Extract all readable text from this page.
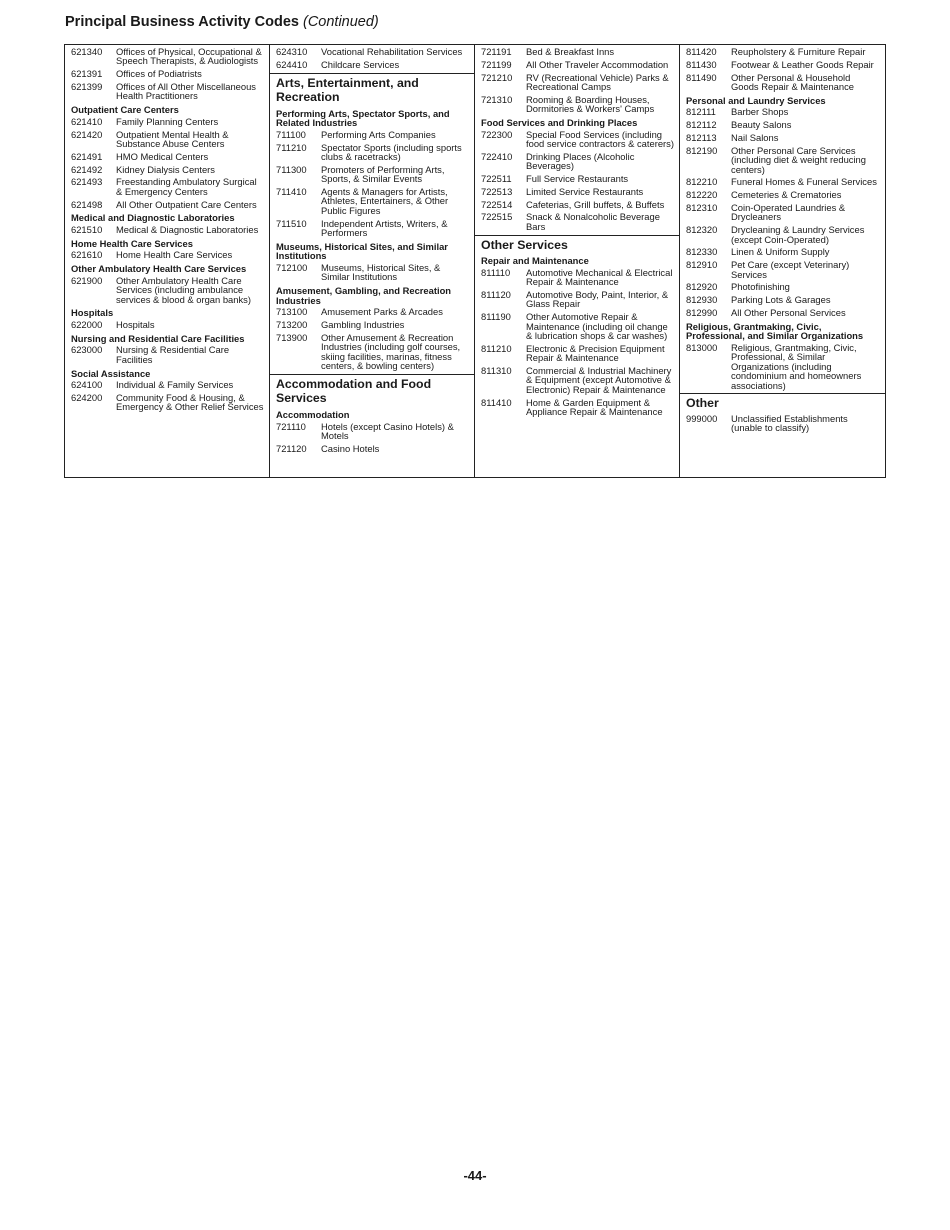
Principal Business Activity Codes (Continued)
621340	Offices of Physical, Occupational & Speech Therapists, & Audiologists
621391	Offices of Podiatrists
621399	Offices of All Other Miscellaneous Health Practitioners
Outpatient Care Centers
621410	Family Planning Centers
621420	Outpatient Mental Health & Substance Abuse Centers
621491	HMO Medical Centers
621492	Kidney Dialysis Centers
621493	Freestanding Ambulatory Surgical & Emergency Centers
621498	All Other Outpatient Care Centers
Medical and Diagnostic Laboratories
621510	Medical & Diagnostic Laboratories
Home Health Care Services
621610	Home Health Care Services
Other Ambulatory Health Care Services
621900	Other Ambulatory Health Care Services (including ambulance services & blood & organ banks)
Hospitals
622000	Hospitals
Nursing and Residential Care Facilities
623000	Nursing & Residential Care Facilities
Social Assistance
624100	Individual & Family Services
624200	Community Food & Housing, & Emergency & Other Relief Services
624310	Vocational Rehabilitation Services
624410	Childcare Services
Arts, Entertainment, and Recreation
Performing Arts, Spectator Sports, and Related Industries
711100	Performing Arts Companies
711210	Spectator Sports (including sports clubs & racetracks)
711300	Promoters of Performing Arts, Sports, & Similar Events
711410	Agents & Managers for Artists, Athletes, Entertainers, & Other Public Figures
711510	Independent Artists, Writers, & Performers
Museums, Historical Sites, and Similar Institutions
712100	Museums, Historical Sites, & Similar Institutions
Amusement, Gambling, and Recreation Industries
713100	Amusement Parks & Arcades
713200	Gambling Industries
713900	Other Amusement & Recreation Industries (including golf courses, skiing facilities, marinas, fitness centers, & bowling centers)
Accommodation and Food Services
Accommodation
721110	Hotels (except Casino Hotels) & Motels
721120	Casino Hotels
721191	Bed & Breakfast Inns
721199	All Other Traveler Accommodation
721210	RV (Recreational Vehicle) Parks & Recreational Camps
721310	Rooming & Boarding Houses, Dormitories & Workers' Camps
Food Services and Drinking Places
722300	Special Food Services (including food service contractors & caterers)
722410	Drinking Places (Alcoholic Beverages)
722511	Full Service Restaurants
722513	Limited Service Restaurants
722514	Cafeterias, Grill buffets, & Buffets
722515	Snack & Nonalcoholic Beverage Bars
Other Services
Repair and Maintenance
811110	Automotive Mechanical & Electrical Repair & Maintenance
811120	Automotive Body, Paint, Interior, & Glass Repair
811190	Other Automotive Repair & Maintenance (including oil change & lubrication shops & car washes)
811210	Electronic & Precision Equipment Repair & Maintenance
811310	Commercial & Industrial Machinery & Equipment (except Automotive & Electronic) Repair & Maintenance
811410	Home & Garden Equipment & Appliance Repair & Maintenance
811420	Reupholstery & Furniture Repair
811430	Footwear & Leather Goods Repair
811490	Other Personal & Household Goods Repair & Maintenance
Personal and Laundry Services
812111	Barber Shops
812112	Beauty Salons
812113	Nail Salons
812190	Other Personal Care Services (including diet & weight reducing centers)
812210	Funeral Homes & Funeral Services
812220	Cemeteries & Crematories
812310	Coin-Operated Laundries & Drycleaners
812320	Drycleaning & Laundry Services (except Coin-Operated)
812330	Linen & Uniform Supply
812910	Pet Care (except Veterinary) Services
812920	Photofinishing
812930	Parking Lots & Garages
812990	All Other Personal Services
Religious, Grantmaking, Civic, Professional, and Similar Organizations
813000	Religious, Grantmaking, Civic, Professional, & Similar Organizations (including condominium and homeowners associations)
Other
999000	Unclassified Establishments (unable to classify)
-44-
